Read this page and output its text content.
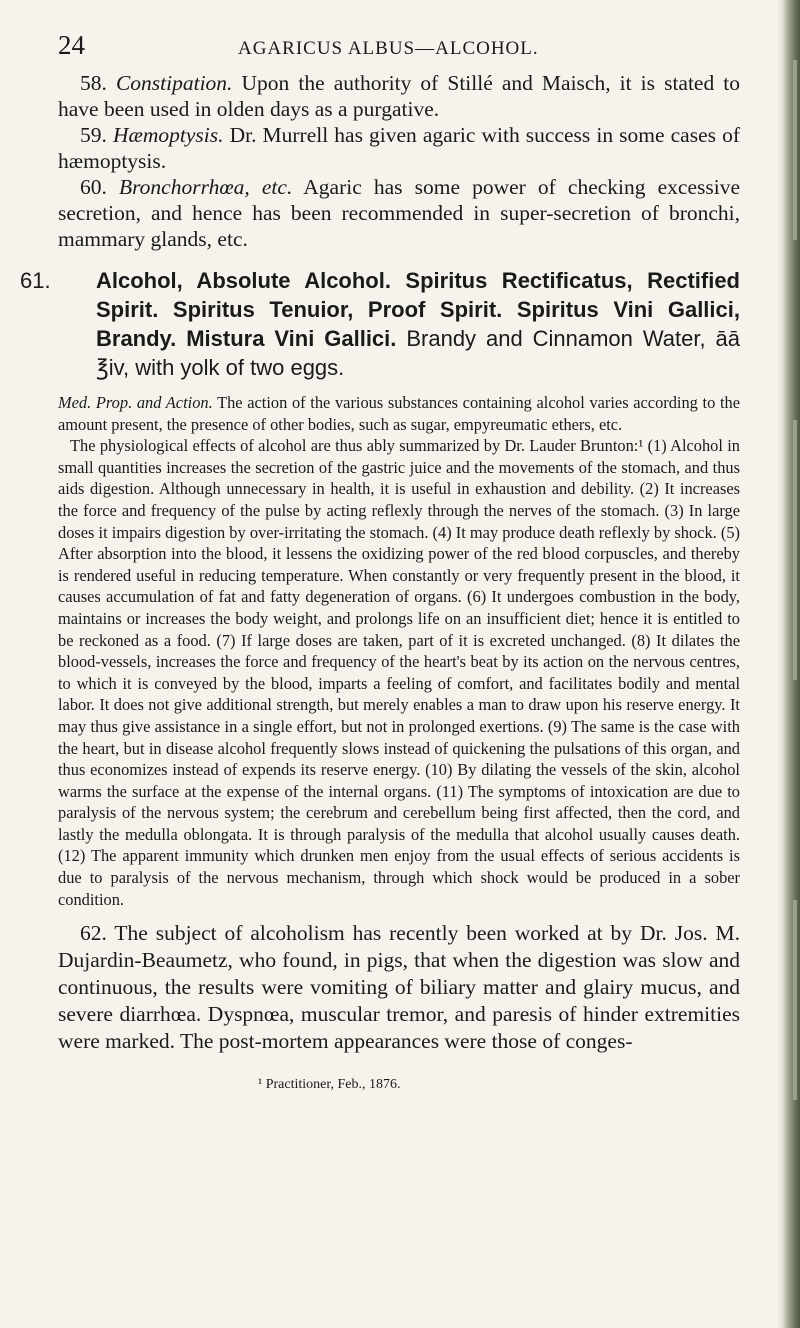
24	AGARICUS ALBUS—ALCOHOL.

58. Constipation. Upon the authority of Stillé and Maisch, it is stated to have been used in olden days as a purgative.

59. Hæmoptysis. Dr. Murrell has given agaric with success in some cases of hæmoptysis.

60. Bronchorrhœa, etc. Agaric has some power of checking excessive secretion, and hence has been recommended in super-secretion of bronchi, mammary glands, etc.

61. Alcohol, Absolute Alcohol. Spiritus Rectificatus, Rectified Spirit. Spiritus Tenuior, Proof Spirit. Spiritus Vini Gallici, Brandy. Mistura Vini Gallici. Brandy and Cinnamon Water, āā ℥iv, with yolk of two eggs.

Med. Prop. and Action. The action of the various substances containing alcohol varies according to the amount present, the presence of other bodies, such as sugar, empyreumatic ethers, etc.

The physiological effects of alcohol are thus ably summarized by Dr. Lauder Brunton:¹ (1) Alcohol in small quantities increases the secretion of the gastric juice and the movements of the stomach, and thus aids digestion. Although unnecessary in health, it is useful in exhaustion and debility. (2) It increases the force and frequency of the pulse by acting reflexly through the nerves of the stomach. (3) In large doses it impairs digestion by over-irritating the stomach. (4) It may produce death reflexly by shock. (5) After absorption into the blood, it lessens the oxidizing power of the red blood corpuscles, and thereby is rendered useful in reducing temperature. When constantly or very frequently present in the blood, it causes accumulation of fat and fatty degeneration of organs. (6) It undergoes combustion in the body, maintains or increases the body weight, and prolongs life on an insufficient diet; hence it is entitled to be reckoned as a food. (7) If large doses are taken, part of it is excreted unchanged. (8) It dilates the blood-vessels, increases the force and frequency of the heart's beat by its action on the nervous centres, to which it is conveyed by the blood, imparts a feeling of comfort, and facilitates bodily and mental labor. It does not give additional strength, but merely enables a man to draw upon his reserve energy. It may thus give assistance in a single effort, but not in prolonged exertions. (9) The same is the case with the heart, but in disease alcohol frequently slows instead of quickening the pulsations of this organ, and thus economizes instead of expends its reserve energy. (10) By dilating the vessels of the skin, alcohol warms the surface at the expense of the internal organs. (11) The symptoms of intoxication are due to paralysis of the nervous system; the cerebrum and cerebellum being first affected, then the cord, and lastly the medulla oblongata. It is through paralysis of the medulla that alcohol usually causes death. (12) The apparent immunity which drunken men enjoy from the usual effects of serious accidents is due to paralysis of the nervous mechanism, through which shock would be produced in a sober condition.

62. The subject of alcoholism has recently been worked at by Dr. Jos. M. Dujardin-Beaumetz, who found, in pigs, that when the digestion was slow and continuous, the results were vomiting of biliary matter and glairy mucus, and severe diarrhœa. Dyspnœa, muscular tremor, and paresis of hinder extremities were marked. The post-mortem appearances were those of conges-

¹ Practitioner, Feb., 1876.
